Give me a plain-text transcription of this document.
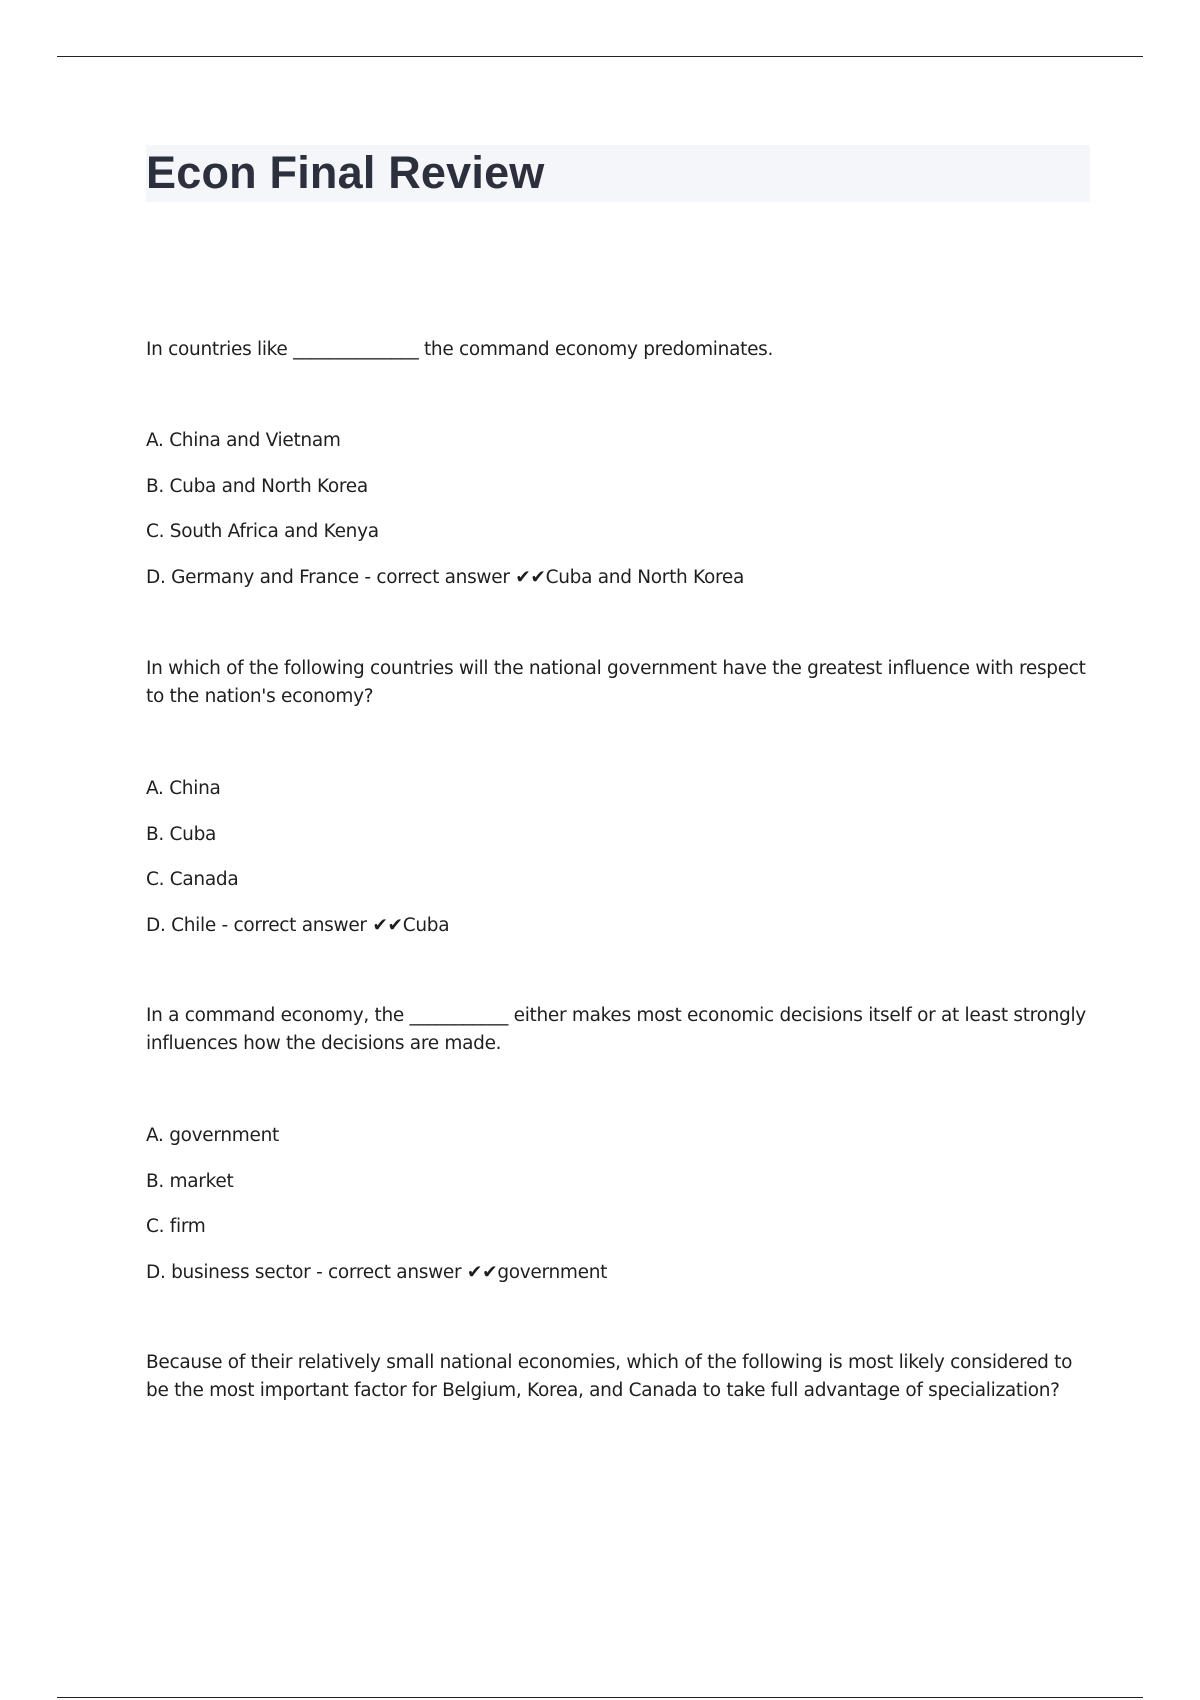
Econ Final Review
In countries like ______________ the command economy predominates.
A. China and Vietnam
B. Cuba and North Korea
C. South Africa and Kenya
D. Germany and France - correct answer ✔✔Cuba and North Korea
In which of the following countries will the national government have the greatest influence with respect
to the nation's economy?
A. China
B. Cuba
C. Canada
D. Chile - correct answer ✔✔Cuba
In a command economy, the ___________ either makes most economic decisions itself or at least strongly
influences how the decisions are made.
A. government
B. market
C. firm
D. business sector - correct answer ✔✔government
Because of their relatively small national economies, which of the following is most likely considered to
be the most important factor for Belgium, Korea, and Canada to take full advantage of specialization?
